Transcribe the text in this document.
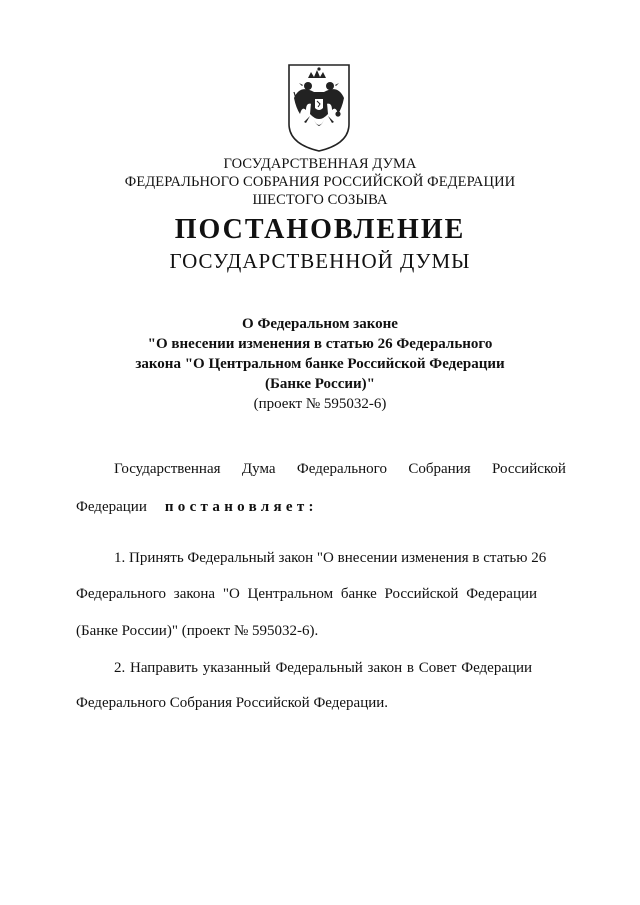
ГОСУДАРСТВЕННАЯ ДУМА
ФЕДЕРАЛЬНОГО СОБРАНИЯ РОССИЙСКОЙ ФЕДЕРАЦИИ
ШЕСТОГО СОЗЫВА
ПОСТАНОВЛЕНИЕ
ГОСУДАРСТВЕННОЙ ДУМЫ
О Федеральном законе
"О внесении изменения в статью 26 Федерального
закона "О Центральном банке Российской Федерации
(Банке России)"
(проект № 595032-6)
Государственная Дума Федерального Собрания Российской
Федерации постановляет:
1. Принять Федеральный закон "О внесении изменения в статью 26
Федерального закона "О Центральном банке Российской Федерации
(Банке России)" (проект № 595032-6).
2. Направить указанный Федеральный закон в Совет Федерации
Федерального Собрания Российской Федерации.
